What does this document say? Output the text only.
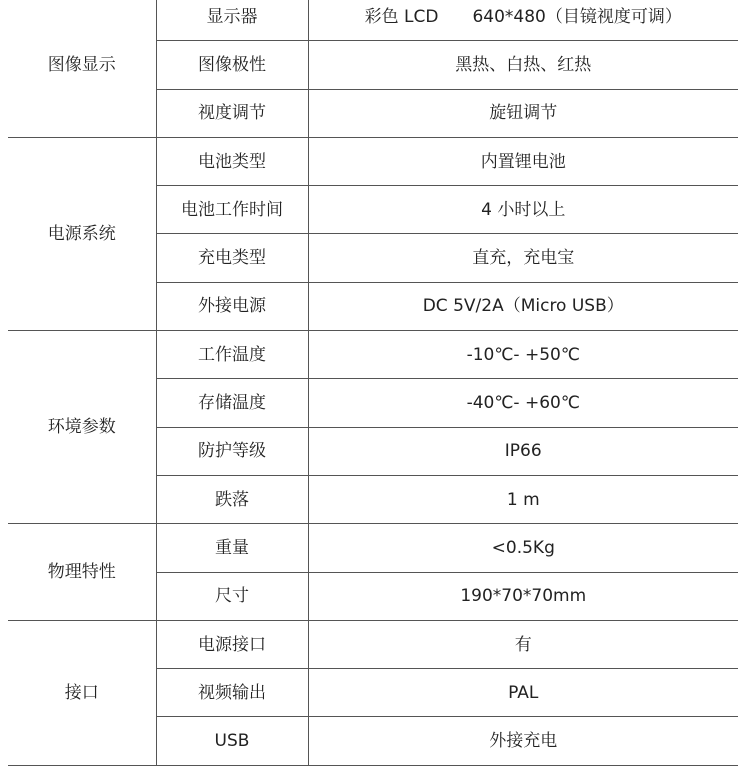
图像显示	显示器	彩色 LCD　　640*480（目镜视度可调）
	图像极性	黑热、白热、红热
	视度调节	旋钮调节
电源系统	电池类型	内置锂电池
	电池工作时间	4 小时以上
	充电类型	直充，充电宝
	外接电源	DC 5V/2A（Micro USB）
环境参数	工作温度	-10℃- +50℃
	存储温度	-40℃- +60℃
	防护等级	IP66
	跌落	1 m
物理特性	重量	<0.5Kg
	尺寸	190*70*70mm
接口	电源接口	有
	视频输出	PAL
	USB	外接充电
